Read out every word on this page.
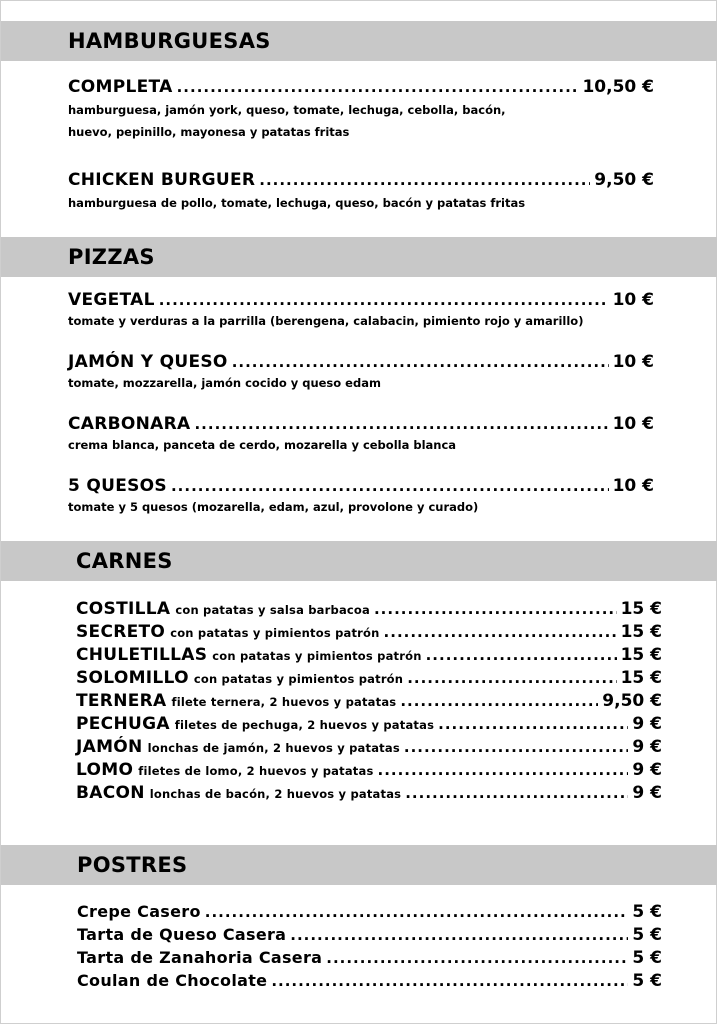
HAMBURGUESAS
COMPLETA .....	10,50 €
hamburguesa, jamón york, queso, tomate, lechuga, cebolla, bacón,
huevo, pepinillo, mayonesa y patatas fritas
CHICKEN BURGUER .....	9,50 €
hamburguesa de pollo, tomate, lechuga, queso, bacón y patatas fritas
PIZZAS
VEGETAL .....	10 €
tomate y verduras a la parrilla (berengena, calabacin, pimiento rojo y amarillo)
JAMÓN Y QUESO .....	10 €
tomate, mozzarella, jamón cocido y queso edam
CARBONARA .....	10 €
crema blanca, panceta de cerdo, mozarella y cebolla blanca
5 QUESOS .....	10 €
tomate y 5 quesos (mozarella, edam, azul, provolone y curado)
CARNES
COSTILLA con patatas y salsa barbacoa .....	15 €
SECRETO con patatas y pimientos patrón .....	15 €
CHULETILLAS con patatas y pimientos patrón .....	15 €
SOLOMILLO con patatas y pimientos patrón .....	15 €
TERNERA filete ternera, 2 huevos y patatas .....	9,50 €
PECHUGA filetes de pechuga, 2 huevos y patatas .....	9 €
JAMÓN lonchas de jamón, 2 huevos y patatas .....	9 €
LOMO filetes de lomo, 2 huevos y patatas .....	9 €
BACON lonchas de bacón, 2 huevos y patatas .....	9 €
POSTRES
Crepe Casero .....	5 €
Tarta de Queso Casera .....	5 €
Tarta de Zanahoria Casera .....	5 €
Coulan de Chocolate .....	5 €
